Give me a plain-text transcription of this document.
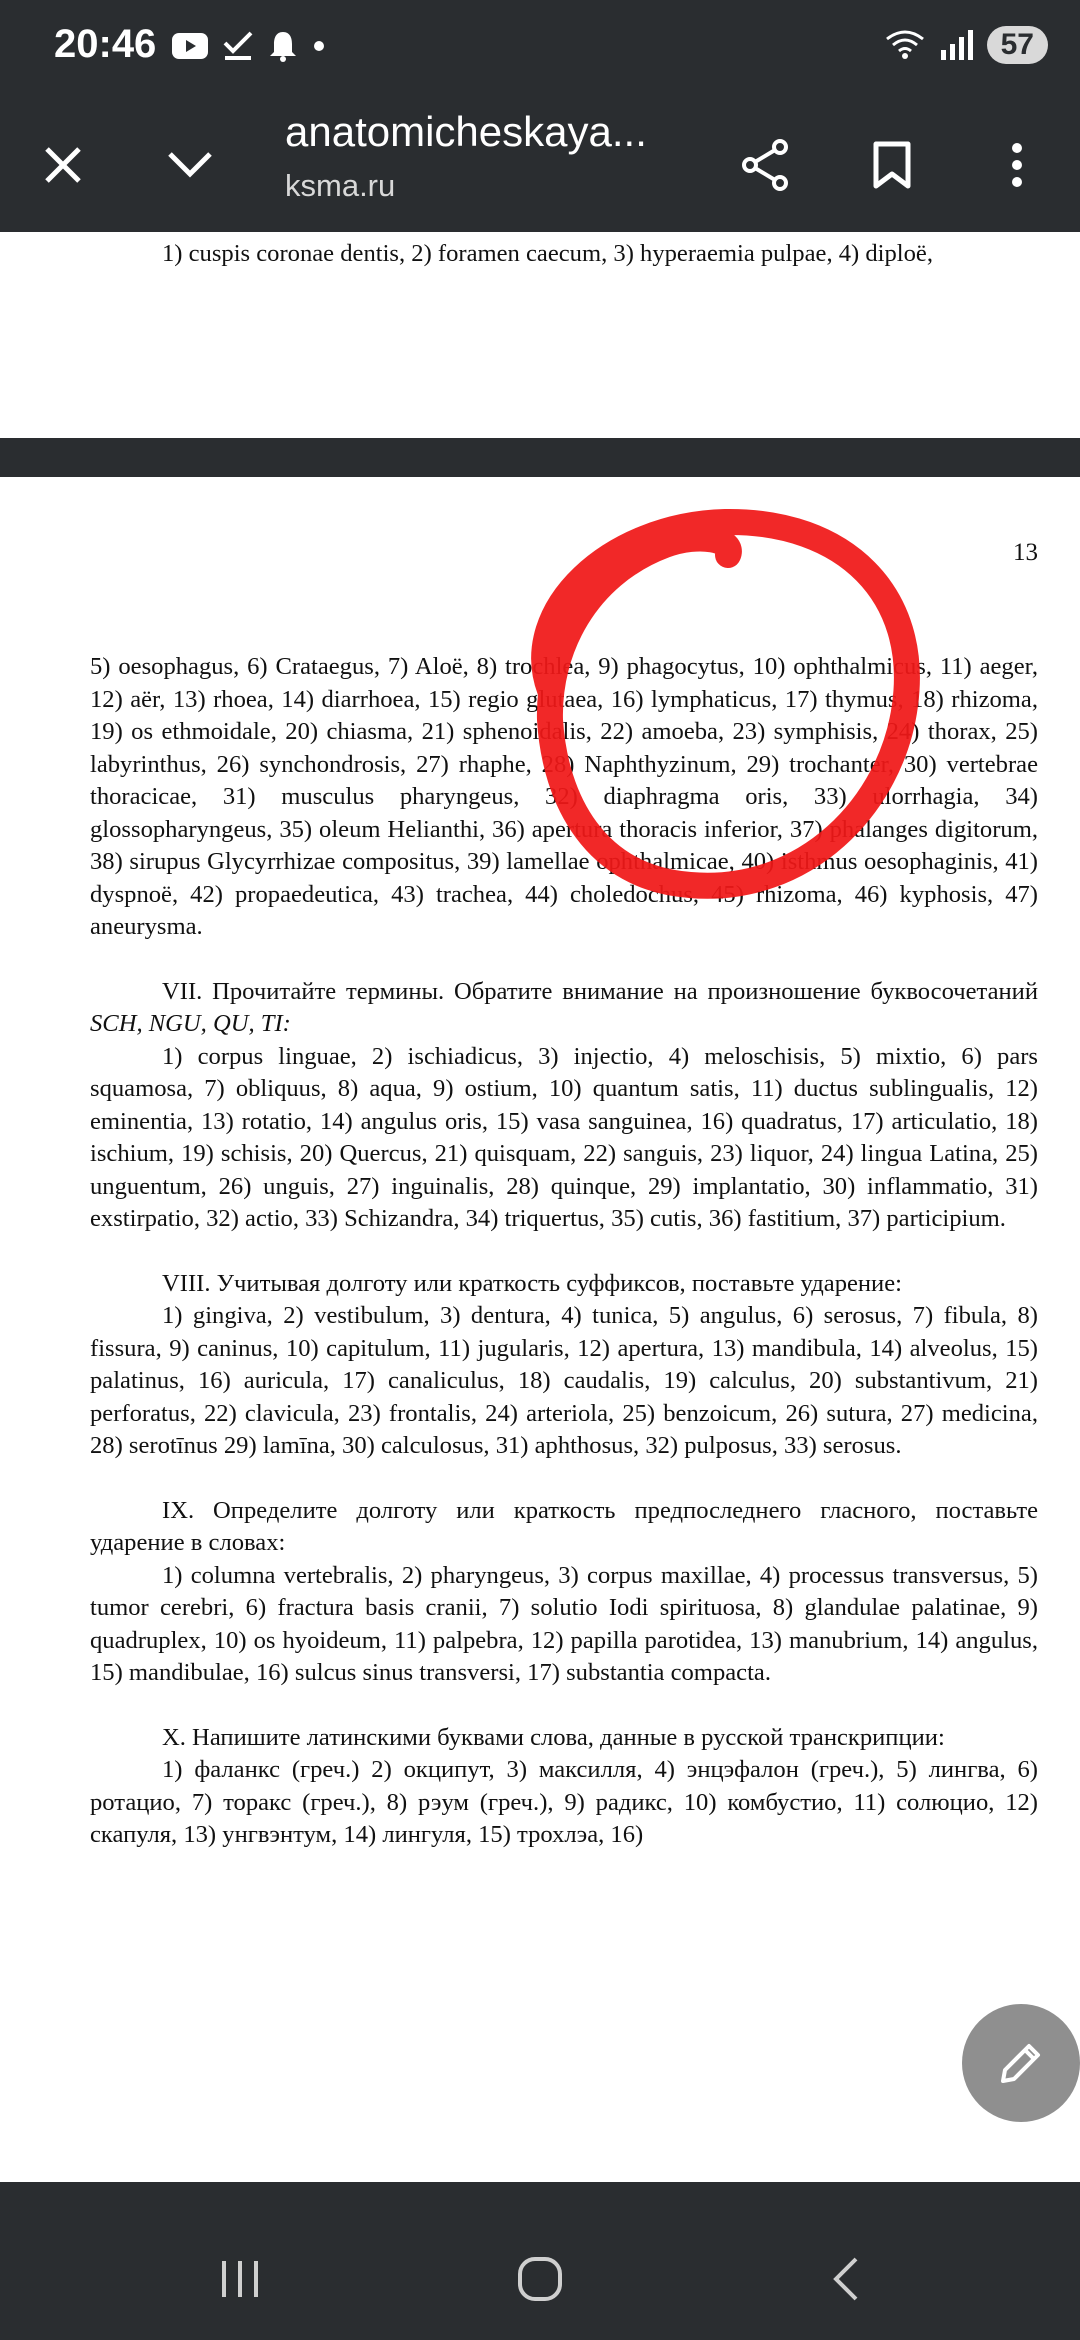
20:46	57
anatomicheskaya...
ksma.ru

1) cuspis coronae dentis, 2) foramen caecum, 3) hyperaemia pulpae, 4) diploë,

13

5) oesophagus, 6) Crataegus, 7) Aloë, 8) trochlea, 9) phagocytus, 10) ophthalmicus, 11) aeger, 12) aër, 13) rhoea, 14) diarrhoea, 15) regio glutaea, 16) lymphaticus, 17) thymus, 18) rhizoma, 19) os ethmoidale, 20) chiasma, 21) sphenoidalis, 22) amoeba, 23) symphisis, 24) thorax, 25) labyrinthus, 26) synchondrosis, 27) rhaphe, 28) Naphthyzinum, 29) trochanter, 30) vertebrae thoracicae, 31) musculus pharyngeus, 32) diaphragma oris, 33) ulorrhagia, 34) glossopharyngeus, 35) oleum Helianthi, 36) apertura thoracis inferior, 37) phalanges digitorum, 38) sirupus Glycyrrhizae compositus, 39) lamellae ophthalmicae, 40) isthmus oesophaginis, 41) dyspnoë, 42) propaedeutica, 43) trachea, 44) choledochus, 45) rhizoma, 46) kyphosis, 47) aneurysma.

VII. Прочитайте термины. Обратите внимание на произношение буквосочетаний SCH, NGU, QU, TI:

1) corpus linguae, 2) ischiadicus, 3) injectio, 4) meloschisis, 5) mixtio, 6) pars squamosa, 7) obliquus, 8) aqua, 9) ostium, 10) quantum satis, 11) ductus sublingualis, 12) eminentia, 13) rotatio, 14) angulus oris, 15) vasa sanguinea, 16) quadratus, 17) articulatio, 18) ischium, 19) schisis, 20) Quercus, 21) quisquam, 22) sanguis, 23) liquor, 24) lingua Latina, 25) unguentum, 26) unguis, 27) inguinalis, 28) quinque, 29) implantatio, 30) inflammatio, 31) exstirpatio, 32) actio, 33) Schizandra, 34) triquertus, 35) cutis, 36) fastitium, 37) participium.

VIII. Учитывая долготу или краткость суффиксов, поставьте ударение:

1) gingiva, 2) vestibulum, 3) dentura, 4) tunica, 5) angulus, 6) serosus, 7) fibula, 8) fissura, 9) caninus, 10) capitulum, 11) jugularis, 12) apertura, 13) mandibula, 14) alveolus, 15) palatinus, 16) auricula, 17) canaliculus, 18) caudalis, 19) calculus, 20) substantivum, 21) perforatus, 22) clavicula, 23) frontalis, 24) arteriola, 25) benzoicum, 26) sutura, 27) medicina, 28) serotīnus 29) lamīna, 30) calculosus, 31) aphthosus, 32) pulposus, 33) serosus.

IX. Определите долготу или краткость предпоследнего гласного, поставьте ударение в словах:

1) columna vertebralis, 2) pharyngeus, 3) corpus maxillae, 4) processus transversus, 5) tumor cerebri, 6) fractura basis cranii, 7) solutio Iodi spirituosa, 8) glandulae palatinae, 9) quadruplex, 10) os hyoideum, 11) palpebra, 12) papilla parotidea, 13) manubrium, 14) angulus, 15) mandibulae, 16) sulcus sinus transversi, 17) substantia compacta.

X. Напишите латинскими буквами слова, данные в русской транскрипции:

1) фаланкс (греч.) 2) окципут, 3) максилля, 4) энцэфалон (греч.), 5) лингва, 6) ротацио, 7) торакс (греч.), 8) рэум (греч.), 9) радикс, 10) комбустио, 11) солюцио, 12) скапуля, 13) унгвэнтум, 14) лингуля, 15) трохлэа, 16)
